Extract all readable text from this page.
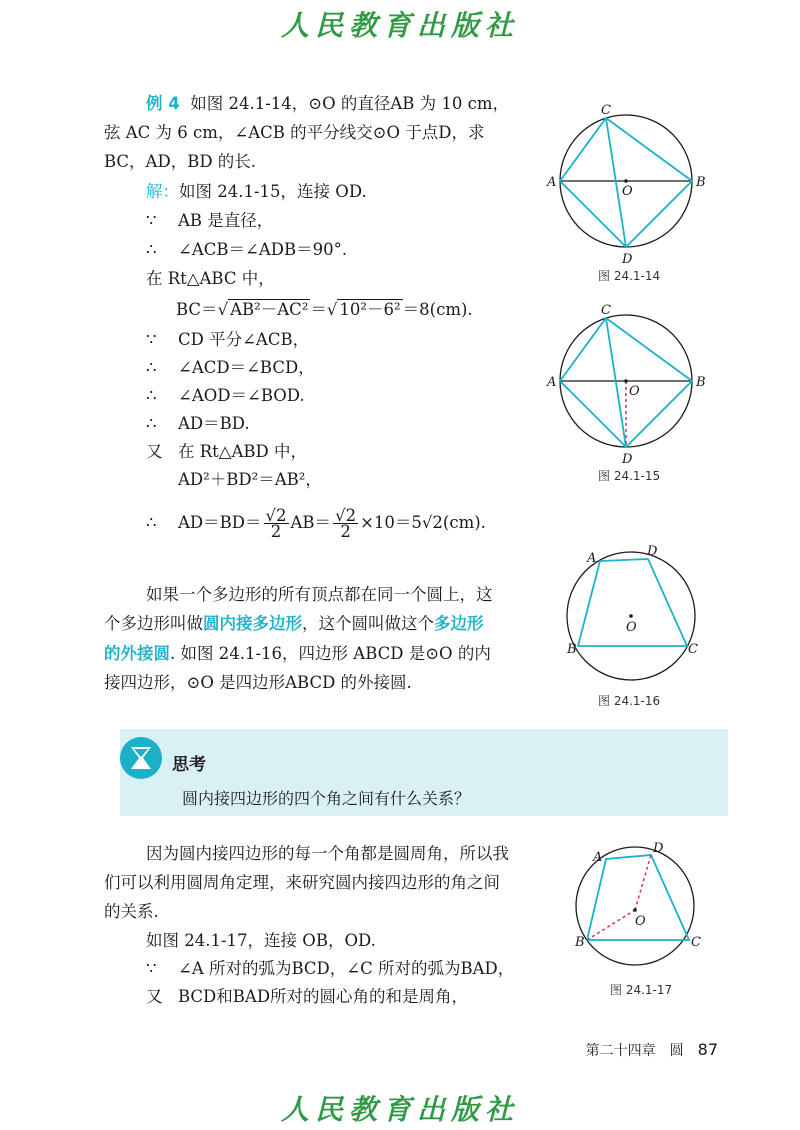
人民教育出版社
人民教育出版社
例 4 如图 24.1-14，⊙O 的直径AB 为 10 cm，
弦 AC 为 6 cm，∠ACB 的平分线交⊙O 于点D，求
BC，AD，BD 的长.
解：如图 24.1-15，连接 OD.
∵ AB 是直径，
∴ ∠ACB＝∠ADB＝90°.
在 Rt△ABC 中，
BC＝√ AB²－AC² ＝√ 10²－6² ＝8(cm).
∵ CD 平分∠ACB，
∴ ∠ACD＝∠BCD，
∴ ∠AOD＝∠BOD.
∴ AD＝BD.
又 在 Rt△ABD 中，
AD²＋BD²＝AB²，
∴ $AD=BD= \frac{√2}{2} AB= \frac{√2}{2} \times 10=5√2(cm)$.
如果一个多边形的所有顶点都在同一个圆上，这
个多边形叫做圆内接多边形，这个圆叫做这个多边形
的外接圆. 如图 24.1-16，四边形 ABCD 是⊙O 的内
接四边形，⊙O 是四边形ABCD 的外接圆.
思考
圆内接四边形的四个角之间有什么关系？
因为圆内接四边形的每一个角都是圆周角，所以我
们可以利用圆周角定理，来研究圆内接四边形的角之间
的关系.
如图 24.1-17，连接 OB，OD.
∵ ∠A 所对的弧为BCD，∠C 所对的弧为BAD，
又 BCD和BAD所对的圆心角的和是周角，
A	B
C
D
O
图 24.1-14
A	B
C
D
O
图 24.1-15
A	D
B	C
O
图 24.1-16
A
D
B	C
O
图 24.1-17
第二十四章　圆 87
